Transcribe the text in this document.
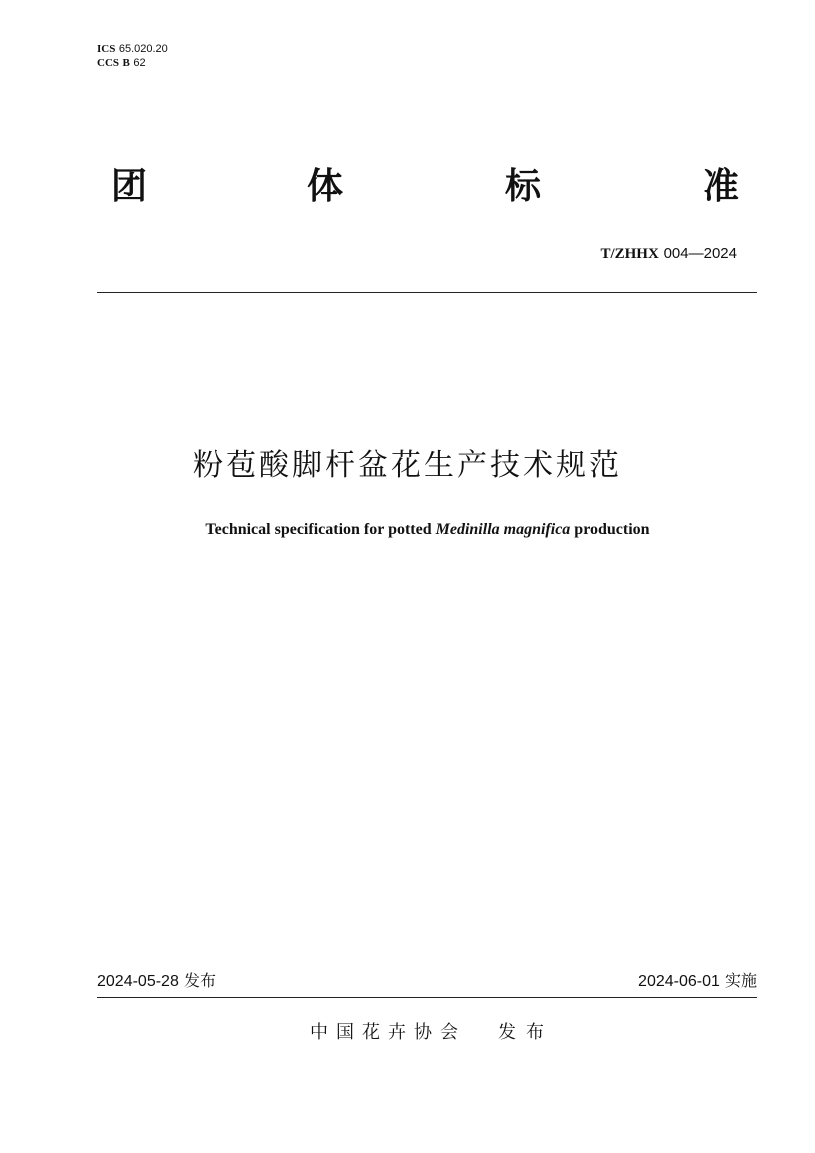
ICS 65.020.20
CCS B 62
团	体	标	准
T/ZHHX 004—2024
粉苞酸脚杆盆花生产技术规范
Technical specification for potted Medinilla magnifica production
2024-05-28 发布	2024-06-01 实施
中国花卉协会 发布
